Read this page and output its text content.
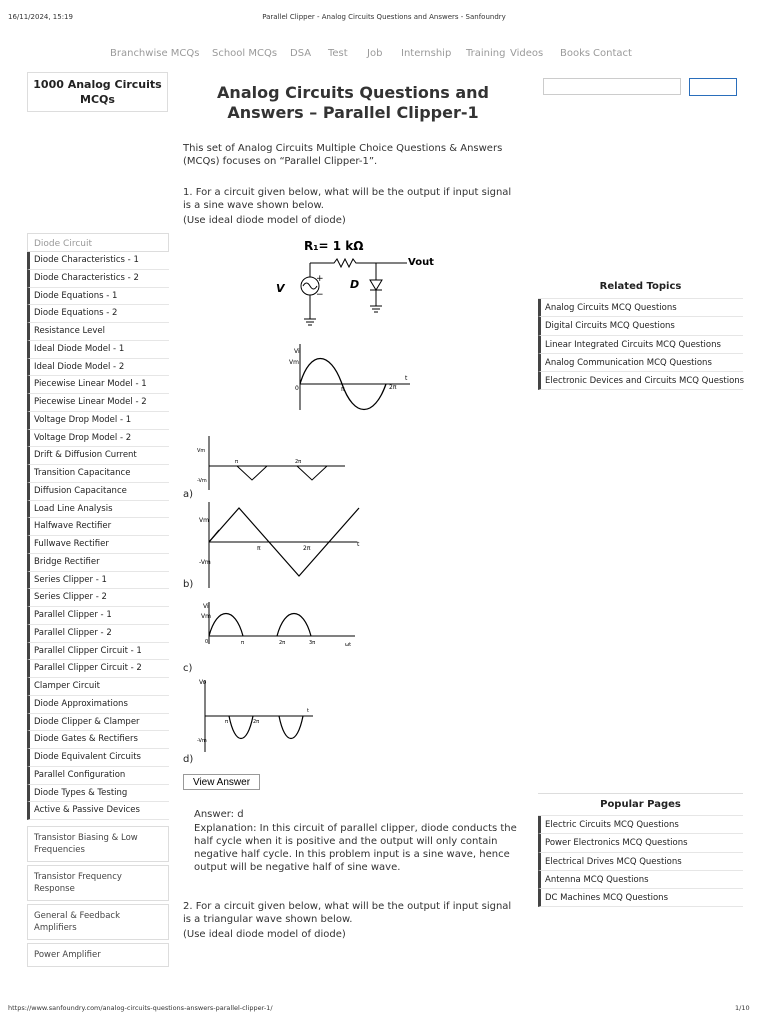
16/11/2024, 15:19	Parallel Clipper - Analog Circuits Questions and Answers - Sanfoundry
Branchwise MCQs School MCQs DSA Test Job Internship Training Videos Books Contact
1000 Analog Circuits MCQs	Analog Circuits Questions and Answers – Parallel Clipper-1
This set of Analog Circuits Multiple Choice Questions & Answers (MCQs) focuses on “Parallel Clipper-1”.
1. For a circuit given below, what will be the output if input signal is a sine wave shown below.
(Use ideal diode model of diode)
R₁= 1 kΩ
Vout
+
−
V	D
Vi
Vm
0	π	2π
t
Vm
-Vm
π	2π
a)
Vm
-Vm
π	2π
t
b)
Vi
Vm
0	π	2π	3π	ωt
c)
Vo
-Vm
π	2π
t
d)
View Answer
Answer: d
Explanation: In this circuit of parallel clipper, diode conducts the half cycle when it is positive and the output will only contain negative half cycle. In this problem input is a sine wave, hence output will be negative half of sine wave.
2. For a circuit given below, what will be the output if input signal is a triangular wave shown below.
(Use ideal diode model of diode)
Diode Circuit
Diode Characteristics - 1
Diode Characteristics - 2
Diode Equations - 1
Diode Equations - 2
Resistance Level
Ideal Diode Model - 1
Ideal Diode Model - 2
Piecewise Linear Model - 1
Piecewise Linear Model - 2
Voltage Drop Model - 1
Voltage Drop Model - 2
Drift & Diffusion Current
Transition Capacitance
Diffusion Capacitance
Load Line Analysis
Halfwave Rectifier
Fullwave Rectifier
Bridge Rectifier
Series Clipper - 1
Series Clipper - 2
Parallel Clipper - 1
Parallel Clipper - 2
Parallel Clipper Circuit - 1
Parallel Clipper Circuit - 2
Clamper Circuit
Diode Approximations
Diode Clipper & Clamper
Diode Gates & Rectifiers
Diode Equivalent Circuits
Parallel Configuration
Diode Types & Testing
Active & Passive Devices
Transistor Biasing & Low Frequencies
Transistor Frequency Response
General & Feedback Amplifiers
Power Amplifier
Related Topics
Analog Circuits MCQ Questions
Digital Circuits MCQ Questions
Linear Integrated Circuits MCQ Questions
Analog Communication MCQ Questions
Electronic Devices and Circuits MCQ Questions
Popular Pages
Electric Circuits MCQ Questions
Power Electronics MCQ Questions
Electrical Drives MCQ Questions
Antenna MCQ Questions
DC Machines MCQ Questions
https://www.sanfoundry.com/analog-circuits-questions-answers-parallel-clipper-1/	1/10
